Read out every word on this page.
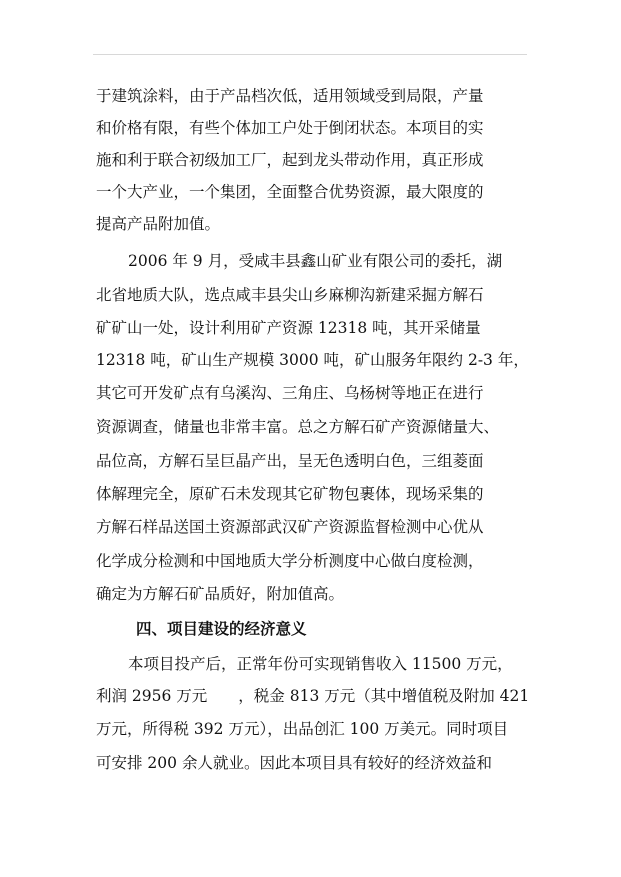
于建筑涂料，由于产品档次低，适用领域受到局限，产量
和价格有限，有些个体加工户处于倒闭状态。本项目的实
施和利于联合初级加工厂，起到龙头带动作用，真正形成
一个大产业，一个集团，全面整合优势资源，最大限度的
提高产品附加值。
2006 年 9 月，受咸丰县鑫山矿业有限公司的委托，湖
北省地质大队，选点咸丰县尖山乡麻柳沟新建采掘方解石
矿矿山一处，设计利用矿产资源 12318 吨，其开采储量
12318 吨，矿山生产规模 3000 吨，矿山服务年限约 2-3 年，
其它可开发矿点有乌溪沟、三角庄、乌杨树等地正在进行
资源调查，储量也非常丰富。总之方解石矿产资源储量大、
品位高，方解石呈巨晶产出，呈无色透明白色，三组菱面
体解理完全，原矿石未发现其它矿物包裹体，现场采集的
方解石样品送国土资源部武汉矿产资源监督检测中心优从
化学成分检测和中国地质大学分析测度中心做白度检测，
确定为方解石矿品质好，附加值高。
四、项目建设的经济意义
本项目投产后，正常年份可实现销售收入 11500 万元，
利润 2956 万元　　，税金 813 万元（其中增值税及附加 421
万元，所得税 392 万元），出品创汇 100 万美元。同时项目
可安排 200 余人就业。因此本项目具有较好的经济效益和
